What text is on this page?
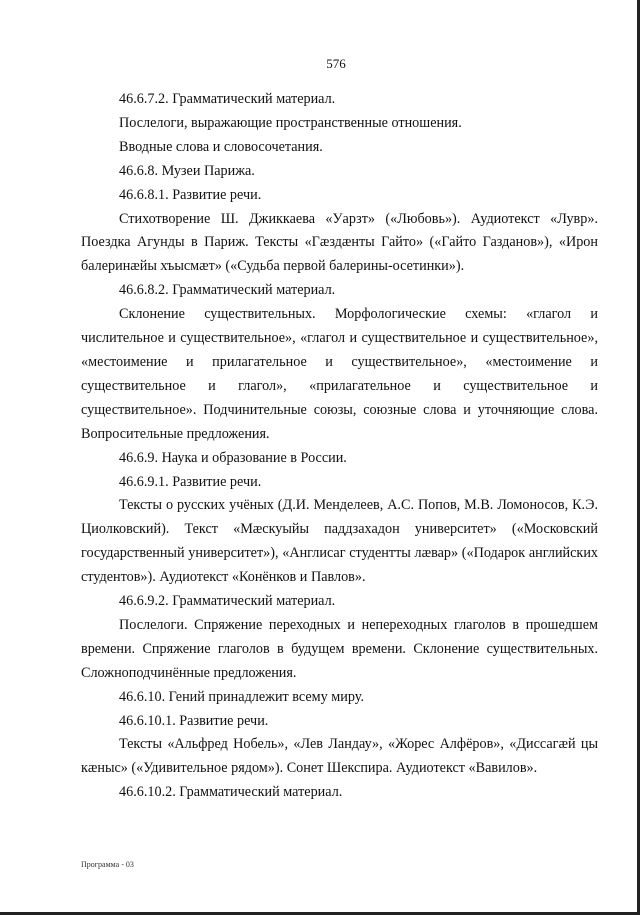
576

46.6.7.2. Грамматический материал.

Послелоги, выражающие пространственные отношения.

Вводные слова и словосочетания.

46.6.8. Музеи Парижа.

46.6.8.1. Развитие речи.

Стихотворение Ш. Джиккаева «Уарзт» («Любовь»). Аудиотекст «Лувр». Поездка Агунды в Париж. Тексты «Гæздæнты Гайто» («Гайто Газданов»), «Ирон балеринæйы хъысмæт» («Судьба первой балерины-осетинки»).

46.6.8.2. Грамматический материал.

Склонение существительных. Морфологические схемы: «глагол и числительное и существительное», «глагол и существительное и существительное», «местоимение и прилагательное и существительное», «местоимение и существительное и глагол», «прилагательное и существительное и существительное». Подчинительные союзы, союзные слова и уточняющие слова. Вопросительные предложения.

46.6.9. Наука и образование в России.

46.6.9.1. Развитие речи.

Тексты о русских учёных (Д.И. Менделеев, А.С. Попов, М.В. Ломоносов, К.Э. Циолковский). Текст «Мæскуыйы паддзахадон университет» («Московский государственный университет»), «Англисаг студентты лæвар» («Подарок английских студентов»). Аудиотекст «Конёнков и Павлов».

46.6.9.2. Грамматический материал.

Послелоги. Спряжение переходных и непереходных глаголов в прошедшем времени. Спряжение глаголов в будущем времени. Склонение существительных. Сложноподчинённые предложения.

46.6.10. Гений принадлежит всему миру.

46.6.10.1. Развитие речи.

Тексты «Альфред Нобель», «Лев Ландау», «Жорес Алфёров», «Диссагæй цы кæныс» («Удивительное рядом»). Сонет Шекспира. Аудиотекст «Вавилов».

46.6.10.2. Грамматический материал.

Программа - 03
